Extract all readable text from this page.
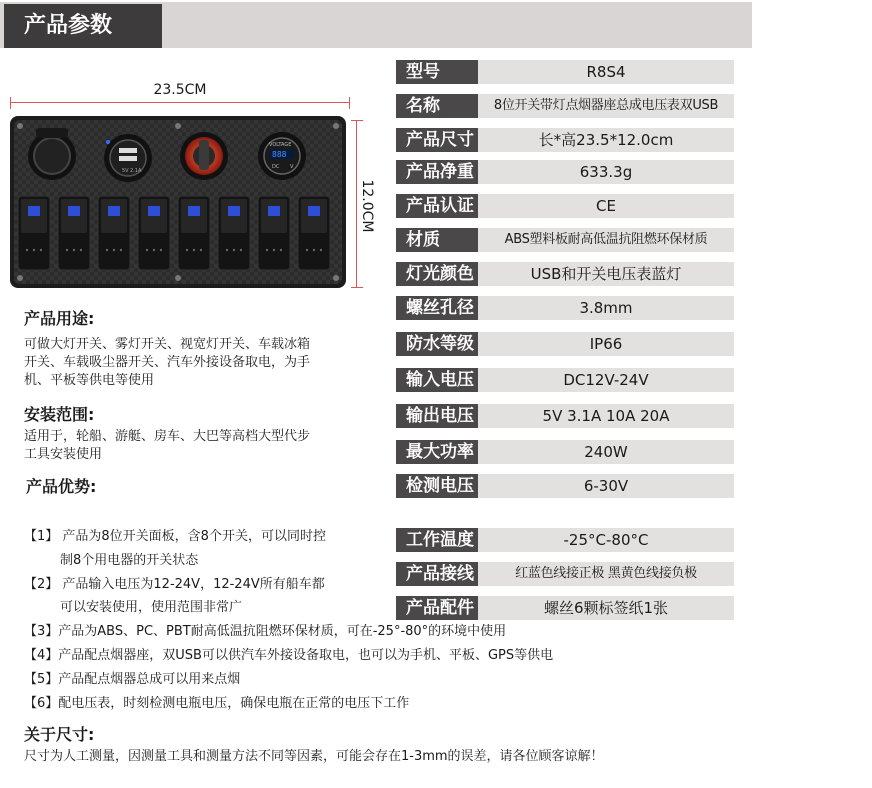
产品参数
23.5CM
12.0CM
5V 2.1A
VOLTAGE
888
DC V
型号	R8S4
名称	8位开关带灯点烟器座总成电压表双USB
产品尺寸	长*高23.5*12.0cm
产品净重	633.3g
产品认证	CE
材质	ABS塑料板耐高低温抗阻燃环保材质
灯光颜色	USB和开关电压表蓝灯
螺丝孔径	3.8mm
防水等级	IP66
输入电压	DC12V-24V
输出电压	5V 3.1A 10A 20A
最大功率	240W
检测电压	6-30V
工作温度	-25°C-80°C
产品接线	红蓝色线接正极 黑黄色线接负极
产品配件	螺丝6颗标签纸1张
产品用途:
可做大灯开关、雾灯开关、视宽灯开关、车载冰箱
开关、车载吸尘器开关、汽车外接设备取电，为手
机、平板等供电等使用
安装范围:
适用于，轮船、游艇、房车、大巴等高档大型代步
工具安装使用
产品优势:
【1】 产品为8位开关面板，含8个开关，可以同时控
制8个用电器的开关状态
【2】 产品输入电压为12-24V，12-24V所有船车都
可以安装使用，使用范围非常广
【3】产品为ABS、PC、PBT耐高低温抗阻燃环保材质，可在-25°-80°的环境中使用
【4】产品配点烟器座，双USB可以供汽车外接设备取电，也可以为手机、平板、GPS等供电
【5】产品配点烟器总成可以用来点烟
【6】配电压表，时刻检测电瓶电压，确保电瓶在正常的电压下工作
关于尺寸:
尺寸为人工测量，因测量工具和测量方法不同等因素，可能会存在1-3mm的误差，请各位顾客谅解！
